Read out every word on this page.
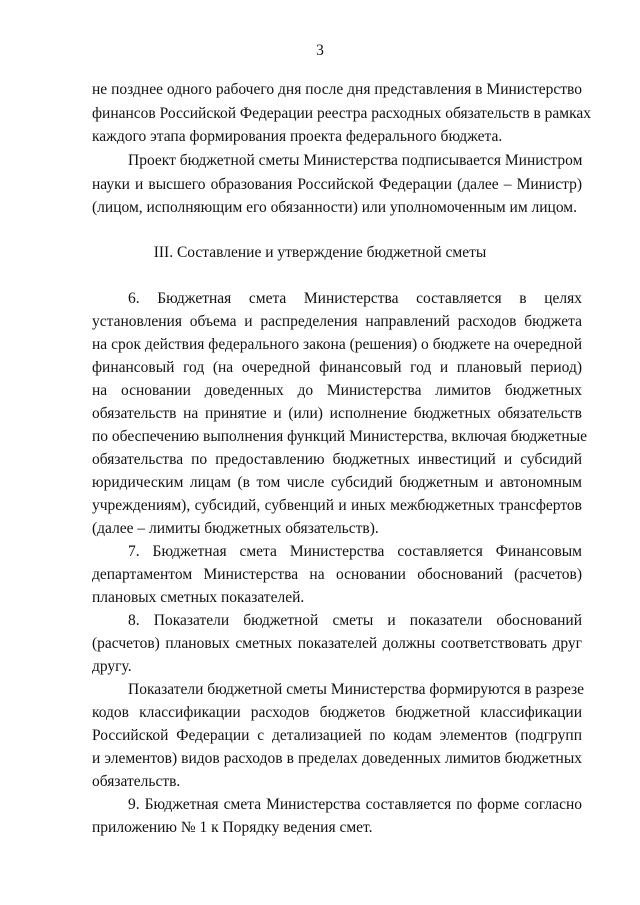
3
не позднее одного рабочего дня после дня представления в Министерство
финансов Российской Федерации реестра расходных обязательств в рамках
каждого этапа формирования проекта федерального бюджета.
Проект бюджетной сметы Министерства подписывается Министром
науки и высшего образования Российской Федерации (далее – Министр)
(лицом, исполняющим его обязанности) или уполномоченным им лицом.
III. Составление и утверждение бюджетной сметы
6. Бюджетная смета Министерства составляется в целях
установления объема и распределения направлений расходов бюджета
на срок действия федерального закона (решения) о бюджете на очередной
финансовый год (на очередной финансовый год и плановый период)
на основании доведенных до Министерства лимитов бюджетных
обязательств на принятие и (или) исполнение бюджетных обязательств
по обеспечению выполнения функций Министерства, включая бюджетные
обязательства по предоставлению бюджетных инвестиций и субсидий
юридическим лицам (в том числе субсидий бюджетным и автономным
учреждениям), субсидий, субвенций и иных межбюджетных трансфертов
(далее – лимиты бюджетных обязательств).
7. Бюджетная смета Министерства составляется Финансовым
департаментом Министерства на основании обоснований (расчетов)
плановых сметных показателей.
8. Показатели бюджетной сметы и показатели обоснований
(расчетов) плановых сметных показателей должны соответствовать друг
другу.
Показатели бюджетной сметы Министерства формируются в разрезе
кодов классификации расходов бюджетов бюджетной классификации
Российской Федерации с детализацией по кодам элементов (подгрупп
и элементов) видов расходов в пределах доведенных лимитов бюджетных
обязательств.
9. Бюджетная смета Министерства составляется по форме согласно
приложению № 1 к Порядку ведения смет.
